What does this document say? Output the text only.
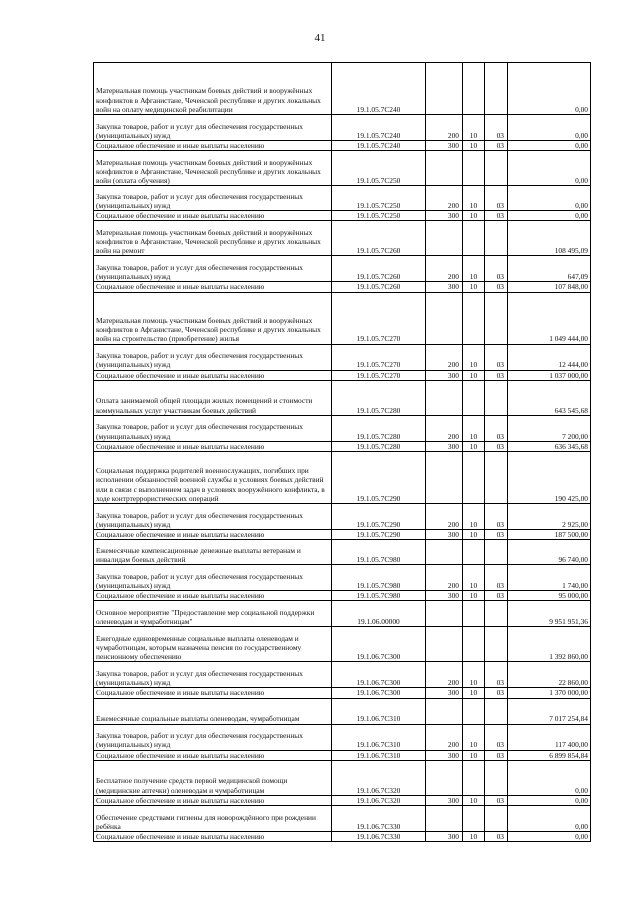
41
Материальная помощь участникам боевых действий и вооружённых конфликтов в Афганистане, Чеченской республике и других локальных войн на оплату медицинской реабилитации	19.1.05.7С240				0,00
Закупка товаров, работ и услуг для обеспечения государственных (муниципальных) нужд	19.1.05.7С240	200	10	03	0,00
Социальное обеспечение и иные выплаты населению	19.1.05.7С240	300	10	03	0,00
Материальная помощь участникам боевых действий и вооружённых конфликтов в Афганистане, Чеченской республике и других локальных войн (оплата обучения)	19.1.05.7С250				0,00
Закупка товаров, работ и услуг для обеспечения государственных (муниципальных) нужд	19.1.05.7С250	200	10	03	0,00
Социальное обеспечение и иные выплаты населению	19.1.05.7С250	300	10	03	0,00
Материальная помощь участникам боевых действий и вооружённых конфликтов в Афганистане, Чеченской республике и других локальных войн на ремонт	19.1.05.7С260				108 495,09
Закупка товаров, работ и услуг для обеспечения государственных (муниципальных) нужд	19.1.05.7С260	200	10	03	647,09
Социальное обеспечение и иные выплаты населению	19.1.05.7С260	300	10	03	107 848,00
Материальная помощь участникам боевых действий и вооружённых конфликтов в Афганистане, Чеченской республике и других локальных войн на строительство (приобретение) жилья	19.1.05.7С270				1 049 444,00
Закупка товаров, работ и услуг для обеспечения государственных (муниципальных) нужд	19.1.05.7С270	200	10	03	12 444,00
Социальное обеспечение и иные выплаты населению	19.1.05.7С270	300	10	03	1 037 000,00
Оплата занимаемой общей площади жилых помещений и стоимости коммунальных услуг участникам боевых действий	19.1.05.7С280				643 545,68
Закупка товаров, работ и услуг для обеспечения государственных (муниципальных) нужд	19.1.05.7С280	200	10	03	7 200,00
Социальное обеспечение и иные выплаты населению	19.1.05.7С280	300	10	03	636 345,68
Социальная поддержка родителей военнослужащих, погибших при исполнении обязанностей военной службы в условиях боевых действий или в связи с выполнением задач в условиях вооружённого конфликта, в ходе контртеррористических операций	19.1.05.7С290				190 425,00
Закупка товаров, работ и услуг для обеспечения государственных (муниципальных) нужд	19.1.05.7С290	200	10	03	2 925,00
Социальное обеспечение и иные выплаты населению	19.1.05.7С290	300	10	03	187 500,00
Ежемесячные компенсационные денежные выплаты ветеранам и инвалидам боевых действий	19.1.05.7С980				96 740,00
Закупка товаров, работ и услуг для обеспечения государственных (муниципальных) нужд	19.1.05.7С980	200	10	03	1 740,00
Социальное обеспечение и иные выплаты населению	19.1.05.7С980	300	10	03	95 000,00
Основное мероприятие "Предоставление мер социальной поддержки оленеводам и чумработницам"	19.1.06.00000				9 951 951,36
Ежегодные единовременные социальные выплаты оленеводам и чумработницам, которым назначена пенсия по государственному пенсионному обеспечению	19.1.06.7С300				1 392 860,00
Закупка товаров, работ и услуг для обеспечения государственных (муниципальных) нужд	19.1.06.7С300	200	10	03	22 860,00
Социальное обеспечение и иные выплаты населению	19.1.06.7С300	300	10	03	1 370 000,00
Ежемесячные социальные выплаты оленеводам, чумработницам	19.1.06.7С310				7 017 254,84
Закупка товаров, работ и услуг для обеспечения государственных (муниципальных) нужд	19.1.06.7С310	200	10	03	117 400,00
Социальное обеспечение и иные выплаты населению	19.1.06.7С310	300	10	03	6 899 854,84
Бесплатное получение средств первой медицинской помощи (медицинские аптечки) оленеводам и чумработницам	19.1.06.7С320				0,00
Социальное обеспечение и иные выплаты населению	19.1.06.7С320	300	10	03	0,00
Обеспечение средствами гигиены для новорождённого при рождении ребёнка	19.1.06.7С330				0,00
Социальное обеспечение и иные выплаты населению	19.1.06.7С330	300	10	03	0,00
